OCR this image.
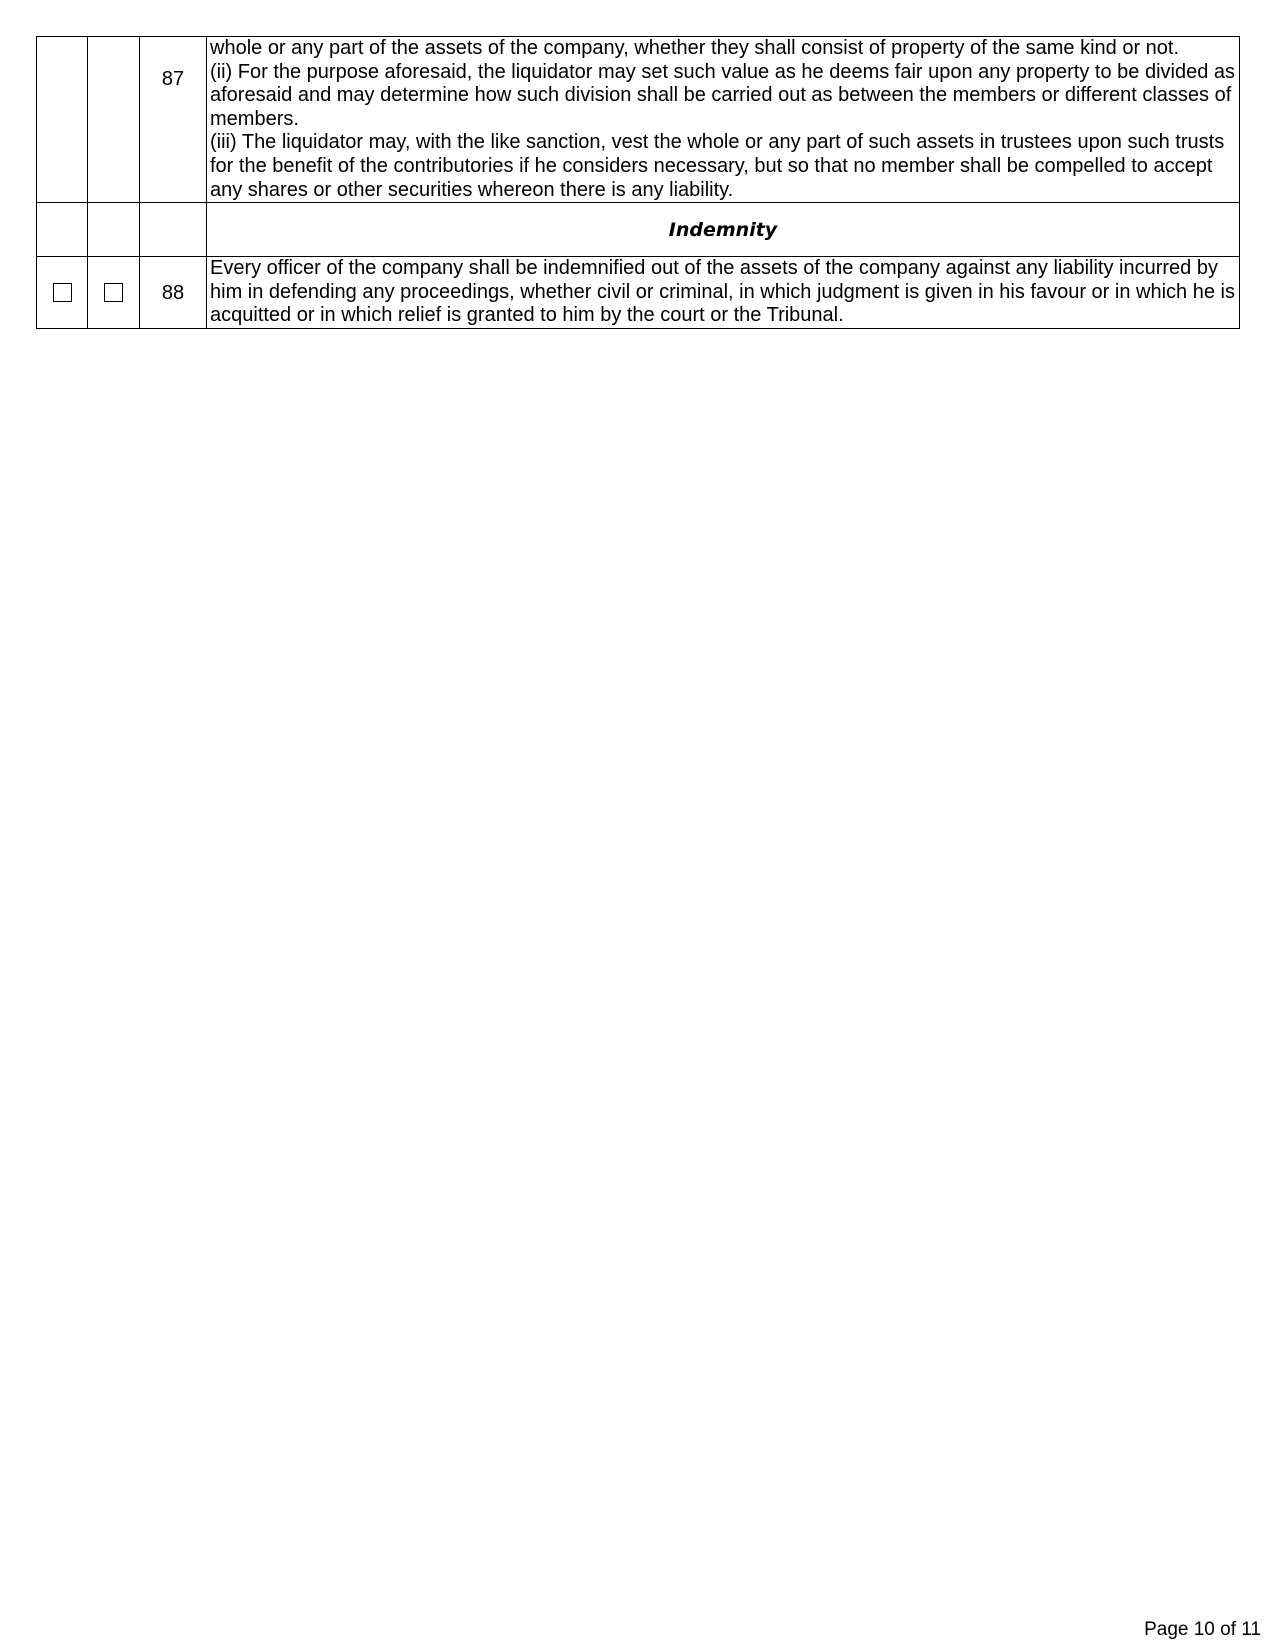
		87	whole or any part of the assets of the company, whether they shall consist of property of the same kind or not.

(ii) For the purpose aforesaid, the liquidator may set such value as he deems fair upon any property to be divided as aforesaid and may determine how such division shall be carried out as between the members or different classes of members.

(iii) The liquidator may, with the like sanction, vest the whole or any part of such assets in trustees upon such trusts for the benefit of the contributories if he considers necessary, but so that no member shall be compelled to accept any shares or other securities whereon there is any liability.

			Indemnity
		88	Every officer of the company shall be indemnified out of the assets of the company against any liability incurred by him in defending any proceedings, whether civil or criminal, in which judgment is given in his favour or in which he is acquitted or in which relief is granted to him by the court or the Tribunal.
Page 10 of 11
